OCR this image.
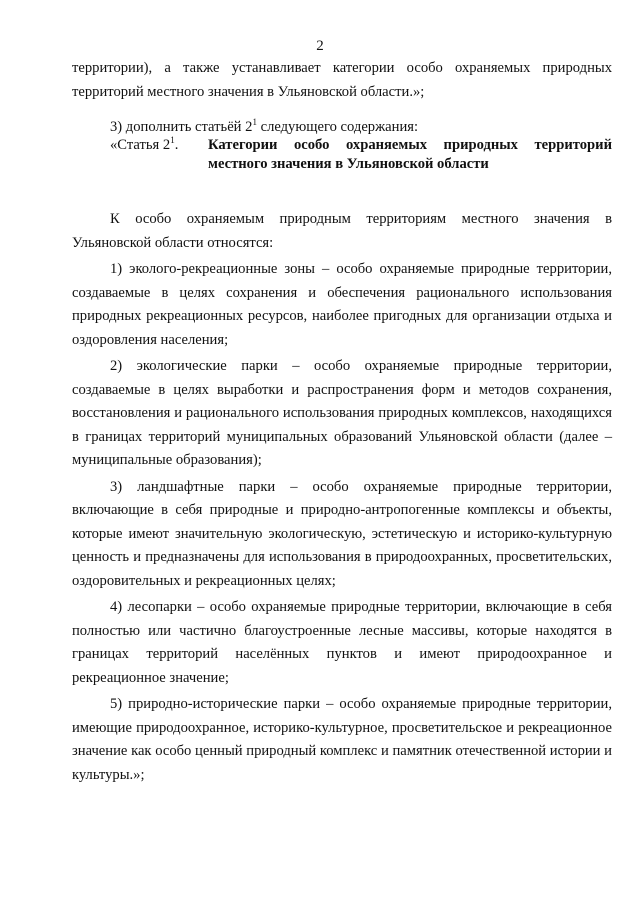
2

территории), а также устанавливает категории особо охраняемых природных территорий местного значения в Ульяновской области.»;

3) дополнить статьёй $2^1$ следующего содержания:

«Статья $2^1$.	Категории особо охраняемых природных территорий местного значения в Ульяновской области

К особо охраняемым природным территориям местного значения в Ульяновской области относятся:

1) эколого-рекреационные зоны – особо охраняемые природные территории, создаваемые в целях сохранения и обеспечения рационального использования природных рекреационных ресурсов, наиболее пригодных для организации отдыха и оздоровления населения;

2) экологические парки – особо охраняемые природные территории, создаваемые в целях выработки и распространения форм и методов сохранения, восстановления и рационального использования природных комплексов, находящихся в границах территорий муниципальных образований Ульяновской области (далее – муниципальные образования);

3) ландшафтные парки – особо охраняемые природные территории, включающие в себя природные и природно-антропогенные комплексы и объекты, которые имеют значительную экологическую, эстетическую и историко-культурную ценность и предназначены для использования в природоохранных, просветительских, оздоровительных и рекреационных целях;

4) лесопарки – особо охраняемые природные территории, включающие в себя полностью или частично благоустроенные лесные массивы, которые находятся в границах территорий населённых пунктов и имеют природоохранное и рекреационное значение;

5) природно-исторические парки – особо охраняемые природные территории, имеющие природоохранное, историко-культурное, просветительское и рекреационное значение как особо ценный природный комплекс и памятник отечественной истории и культуры.»;
